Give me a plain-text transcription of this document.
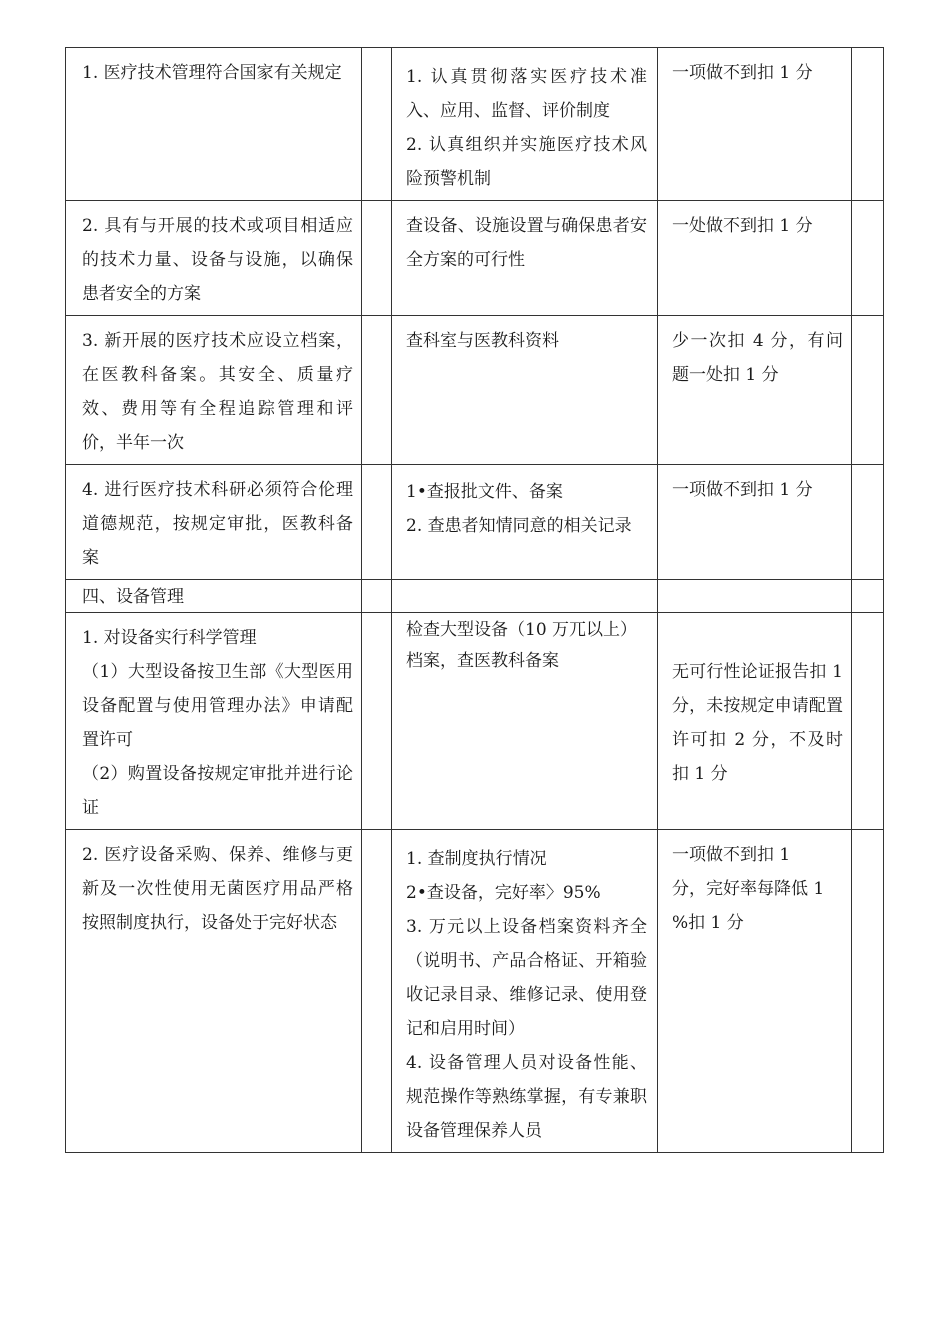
1. 医疗技术管理符合国家有关规定		1. 认真贯彻落实医疗技术准入、应用、监督、评价制度
2. 认真组织并实施医疗技术风险预警机制	一项做不到扣 1 分	

2. 具有与开展的技术或项目相适应的技术力量、设备与设施，以确保患者安全的方案		查设备、设施设置与确保患者安全方案的可行性	一处做不到扣 1 分	

3. 新开展的医疗技术应设立档案，在医教科备案。其安全、质量疗效、费用等有全程追踪管理和评价，半年一次		查科室与医教科资料	少一次扣 4 分，有问题一处扣 1 分	

4. 进行医疗技术科研必须符合伦理道德规范，按规定审批，医教科备案		1•查报批文件、备案
2. 查患者知情同意的相关记录	一项做不到扣 1 分	

四、设备管理				

1. 对设备实行科学管理
（1）大型设备按卫生部《大型医用设备配置与使用管理办法》申请配置许可
（2）购置设备按规定审批并进行论证		检查大型设备（10 万兀以上）
档案，查医教科备案	无可行性论证报告扣 1 分，未按规定申请配置许可扣 2 分，不及时扣 1 分	

2. 医疗设备采购、保养、维修与更新及一次性使用无菌医疗用品严格按照制度执行，设备处于完好状态		1. 查制度执行情况
2•查设备，完好率〉95%
3. 万元以上设备档案资料齐全（说明书、产品合格证、开箱验收记录目录、维修记录、使用登记和启用时间）
4. 设备管理人员对设备性能、规范操作等熟练掌握，有专兼职设备管理保养人员	一项做不到扣 1
分，完好率每降低 1
%扣 1 分	
